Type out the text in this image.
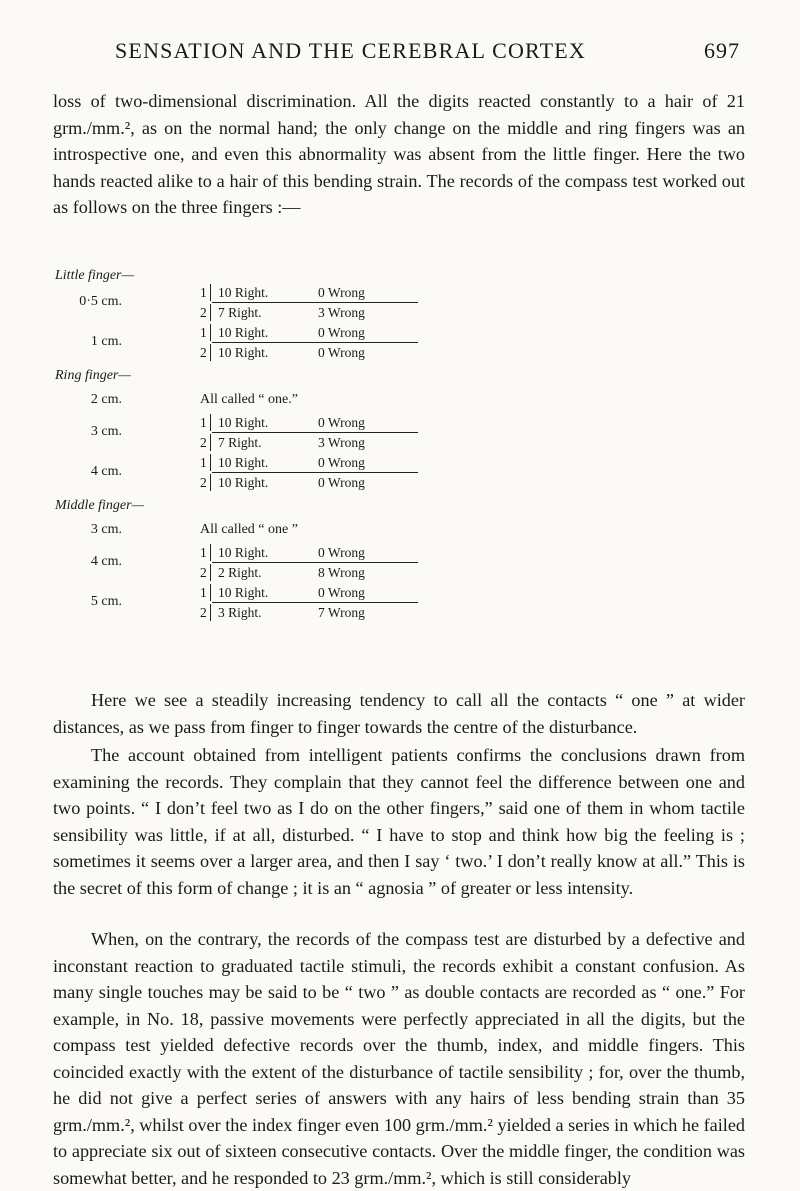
SENSATION AND THE CEREBRAL CORTEX	697

loss of two-dimensional discrimination. All the digits reacted constantly to a hair of 21 grm./mm.², as on the normal hand; the only change on the middle and ring fingers was an introspective one, and even this abnormality was absent from the little finger. Here the two hands reacted alike to a hair of this bending strain. The records of the compass test worked out as follows on the three fingers :—

Little finger—
0·5 cm.
1 10 Right.	0 Wrong
2 7 Right.	3 Wrong
1 cm.
1 10 Right.	0 Wrong
2 10 Right.	0 Wrong
Ring finger—
2 cm.	All called “ one.”
3 cm.
1 10 Right.	0 Wrong
2 7 Right.	3 Wrong
4 cm.
1 10 Right.	0 Wrong
2 10 Right.	0 Wrong
Middle finger—
3 cm.	All called “ one ”
4 cm.
1 10 Right.	0 Wrong
2 2 Right.	8 Wrong
5 cm.
1 10 Right.	0 Wrong
2 3 Right.	7 Wrong

Here we see a steadily increasing tendency to call all the contacts “ one ” at wider distances, as we pass from finger to finger towards the centre of the disturbance.

The account obtained from intelligent patients confirms the conclusions drawn from examining the records. They complain that they cannot feel the difference between one and two points. “ I don’t feel two as I do on the other fingers,” said one of them in whom tactile sensibility was little, if at all, disturbed. “ I have to stop and think how big the feeling is ; sometimes it seems over a larger area, and then I say ‘ two.’ I don’t really know at all.” This is the secret of this form of change ; it is an “ agnosia ” of greater or less intensity.

When, on the contrary, the records of the compass test are disturbed by a defective and inconstant reaction to graduated tactile stimuli, the records exhibit a constant confusion. As many single touches may be said to be “ two ” as double contacts are recorded as “ one.” For example, in No. 18, passive movements were perfectly appreciated in all the digits, but the compass test yielded defective records over the thumb, index, and middle fingers. This coincided exactly with the extent of the disturbance of tactile sensibility ; for, over the thumb, he did not give a perfect series of answers with any hairs of less bending strain than 35 grm./mm.², whilst over the index finger even 100 grm./mm.² yielded a series in which he failed to appreciate six out of sixteen consecutive contacts. Over the middle finger, the condition was somewhat better, and he responded to 23 grm./mm.², which is still considerably
